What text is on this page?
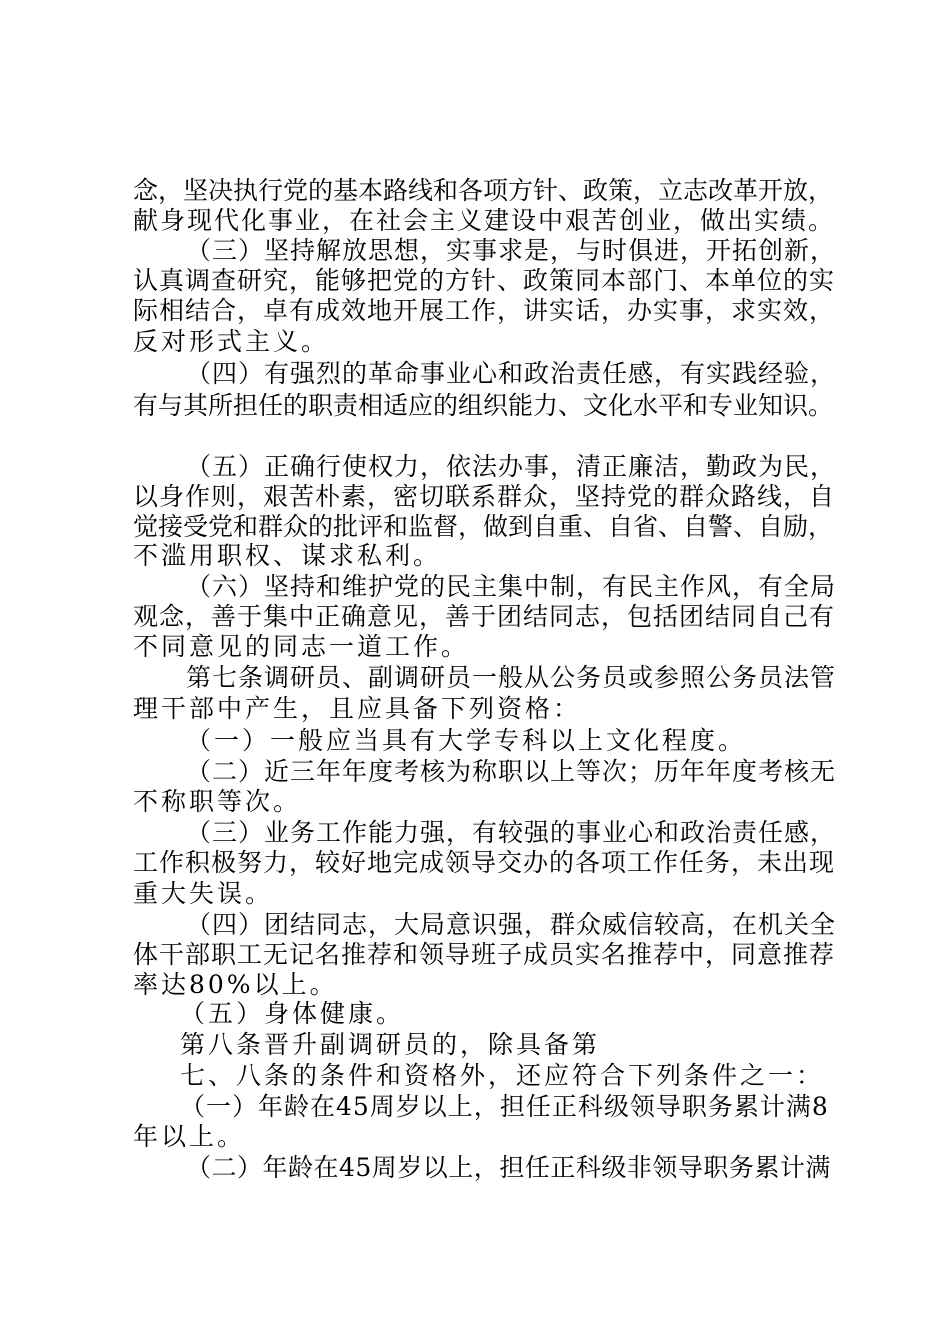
念，坚决执行党的基本路线和各项方针、政策，立志改革开放，
献身现代化事业，在社会主义建设中艰苦创业，做出实绩。
（三）坚持解放思想，实事求是，与时俱进，开拓创新，
认真调查研究，能够把党的方针、政策同本部门、本单位的实
际相结合，卓有成效地开展工作，讲实话，办实事，求实效，
反对形式主义。
（四）有强烈的革命事业心和政治责任感，有实践经验，
有与其所担任的职责相适应的组织能力、文化水平和专业知识。
（五）正确行使权力，依法办事，清正廉洁，勤政为民，
以身作则，艰苦朴素，密切联系群众，坚持党的群众路线，自
觉接受党和群众的批评和监督，做到自重、自省、自警、自励，
不滥用职权、谋求私利。
（六）坚持和维护党的民主集中制，有民主作风，有全局
观念，善于集中正确意见，善于团结同志，包括团结同自己有
不同意见的同志一道工作。
第七条调研员、副调研员一般从公务员或参照公务员法管
理干部中产生，且应具备下列资格：
（一）一般应当具有大学专科以上文化程度。
（二）近三年年度考核为称职以上等次；历年年度考核无
不称职等次。
（三）业务工作能力强，有较强的事业心和政治责任感，
工作积极努力，较好地完成领导交办的各项工作任务，未出现
重大失误。
（四）团结同志，大局意识强，群众威信较高，在机关全
体干部职工无记名推荐和领导班子成员实名推荐中，同意推荐
率达80%以上。
（五）身体健康。
第八条晋升副调研员的，除具备第
七、八条的条件和资格外，还应符合下列条件之一：
（一）年龄在45周岁以上，担任正科级领导职务累计满8
年以上。
（二）年龄在45周岁以上，担任正科级非领导职务累计满
